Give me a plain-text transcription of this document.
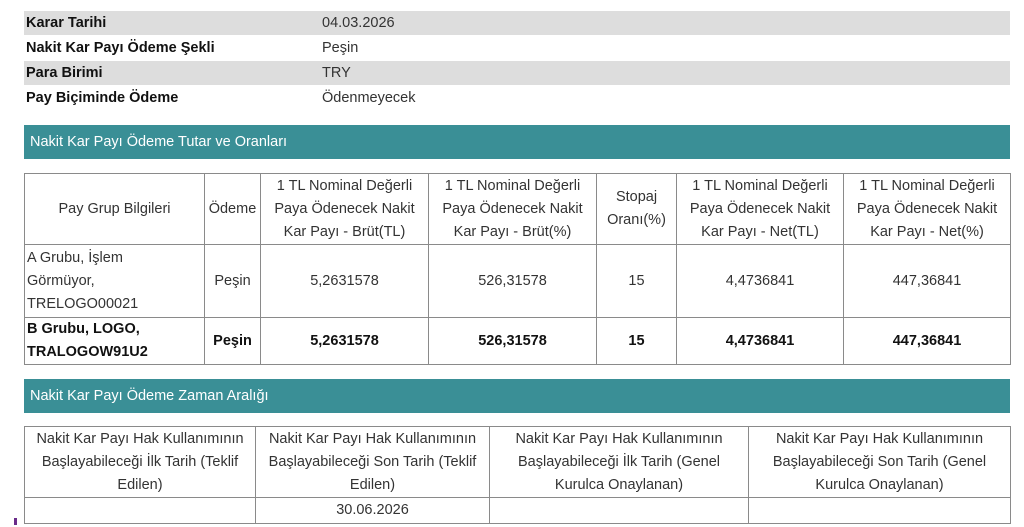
Karar Tarihi	04.03.2026
Nakit Kar Payı Ödeme Şekli	Peşin
Para Birimi	TRY
Pay Biçiminde Ödeme	Ödenmeyecek
Nakit Kar Payı Ödeme Tutar ve Oranları
Pay Grup Bilgileri	Ödeme	1 TL Nominal Değerli Paya Ödenecek Nakit Kar Payı - Brüt(TL)	1 TL Nominal Değerli Paya Ödenecek Nakit Kar Payı - Brüt(%)	Stopaj Oranı(%)	1 TL Nominal Değerli Paya Ödenecek Nakit Kar Payı - Net(TL)	1 TL Nominal Değerli Paya Ödenecek Nakit Kar Payı - Net(%)

A Grubu, İşlem
Görmüyor,
TRELOGO00021	Peşin	5,2631578	526,31578	15	4,4736841	447,36841

B Grubu, LOGO,
TRALOGOW91U2	Peşin	5,2631578	526,31578	15	4,4736841	447,36841
Nakit Kar Payı Ödeme Zaman Aralığı
Nakit Kar Payı Hak Kullanımının Başlayabileceği İlk Tarih (Teklif Edilen)	Nakit Kar Payı Hak Kullanımının Başlayabileceği Son Tarih (Teklif Edilen)	Nakit Kar Payı Hak Kullanımının Başlayabileceği İlk Tarih (Genel Kurulca Onaylanan)	Nakit Kar Payı Hak Kullanımının Başlayabileceği Son Tarih (Genel Kurulca Onaylanan)
	30.06.2026		
